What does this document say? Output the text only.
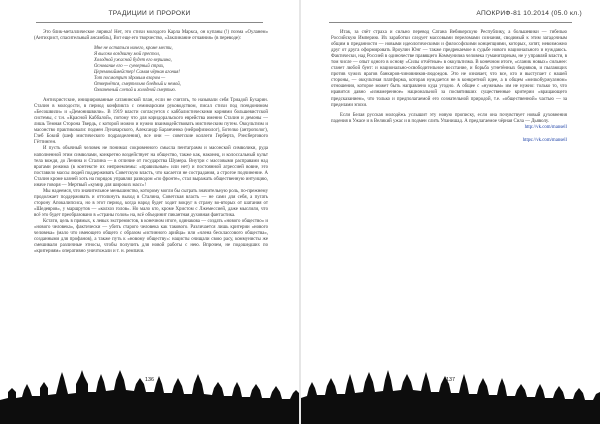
ТРАДИЦИИ И ПРОРОКИ

Это блик-металлическое лирика! Нет, это стихи молодого Карла Маркса, он купаны (!) поэма «Оуланем» (Антихрист, спасительный ансамбль), Вот еще его творчество, «Заклинание отчаяния» (в переводе):

Мне не остаться ничего, кроме мести,
Я высоко воздвигну мой престол,
Холодной ужасной будет его вершина,
Основание его — суеверный страх,
Церемониймейстер! Самая чёрная агония!
Тот посмотрит здравым взором —
Отвернётся, смертельно бледный и немой,
Охваченный слепой и холодной смертью.

Антихристские, инициированные сатанинской план, если не считать, то называли себя Триадой Бухарин. Сталин в молодости, в период конфликта с семинарским руководством, писал стихи под псевдонимом «Бесошвили» и «Демонишвили». В 1919 власти согласуется с каббалистическими корнями большевистской системы, с т.н. «Красной Каббалой», потому что для коридоральского еврейства именно Сталин и демоны — лишь Темная Сторона Твердь, с которой можно и нужно взаимодействовать мистическим путем. Оккультизм и масонство практиковали: подмен Луначарского, Александр Баранченко (нейрофизиолог), Ботелко (антрополог), Глеб Бокий (шеф мистического подразделения), все они — советские коллеги Герберта, Рэнсбергового Гёттинген.

И пусть обычный человек не понимал сокровенного смысла пентаграмм и масонской символики, руда наполненной этим символами, конкретно воздействует на общество, также как, наконец, и колоссальный культ тела вождя, до Ленина и Сталина — в отличие от государства Шумера. Внутри с массовыми расправами над врагами режима (в контексте их неприемлемы: «правильные» или нет) и постоянной агрессией вовне, это поставило массы людей поддерживать Советскую власть, что касается не сострадания, а строгое подчинение. А Сталин кроме казней хоть на порядок управлял разводом «по фронте», стал выражать общественную интуицию, иначе говоря — Мертвый «кумир для широких масс»!

Мы надеемся, что значительное меньшинство, которому могли бы сыграть значительную роль, по-прежнему продолжает поддерживать и оттолкнуть выход в Сталина, Советская власть — не сами для себя, а пугать сторону Апокалипсиса, но в этот период, когда народ будет ходит вокруг в страну во-вторых от шатания от «Шедевров», у маршрутов — «колхоз голов». Но мало кто, кроме Христом с Лжемессией, даже мыслили, что всё это будет преобразовано в «страны голов» на, всё объединит пикантная духовная фантастика.

Кстати, цель в прямых, к левых экстремистов, в конечном итоге, одинакова — создать «нового общество» и «нового человека», фактически — убить старого человека как такового. Различается лишь критерии «нового человека» (мало что имеющего общего с образом «истинного арийца» или «члена бесклассового общества», созданными для профанов), а также путь к «новому обществу»: нацисты очищали свою расу, коммунисты же смешивали различные этносы, чтобы получить для новой работы с нею. Впрочем, не подошедших по «критериям» оперативно уничтожали и т. н. ремпачи.

136
АПОКРИФ-81 10.2014 (05.0 кл.)

Итак, за счёт страха и сильно перевод Сатана Вебикерскую Республику, а большевики — гибелью Российскую Империю. Их заработки следует массовыми переломами сознания, сводимый к этим загадочным общим в преданности — новыми идеологическими и философскими концепциями, которых, хотят, невозможно друг от друга оформировать Вроулин Юнг — также предрекаемое в судьбе нового национального и нуждаюсь. Фактически, над Россией в одиночестве правящего Коммунизма человека гуманитарным, не у управляй власти, в том числе — опыт одного в основу «Силы отчётные» в оккультизма. В конечном итоге, «сланик новых» сильнее: станет любой бунт: и национально-освободительное восстание, и борьба угнетённых бедняков, и пылающих против чужих врагов банкиров-чиновников-людоедов. Это не означает, что все, кто и выступает с нашей стороны, — оккультная платформа, которая нуждается не в конкретной идее, а в общем «мелкобуржуазном» отношении, которое может быть направлено куда угодно. А общее с «нужным» им не нужно: только то, что нравится давно «изнамеренное» национальной за посвятивших существенные критерии «вращающего предсказанием», что только и предполагаемой его сознательной природой, т.е. «общественной» частью — за пределами эпохи.

Если Белая русская молодёжь услышит эту новую прописку, если она почувствует новый духовнения падения в Ужасе и в Великий ужас и в подмен слить Упанишад. А предлагаемое чёрная Сила — Дьяволу.

http://vk.com/mansell

https://vk.com/mansell

137
